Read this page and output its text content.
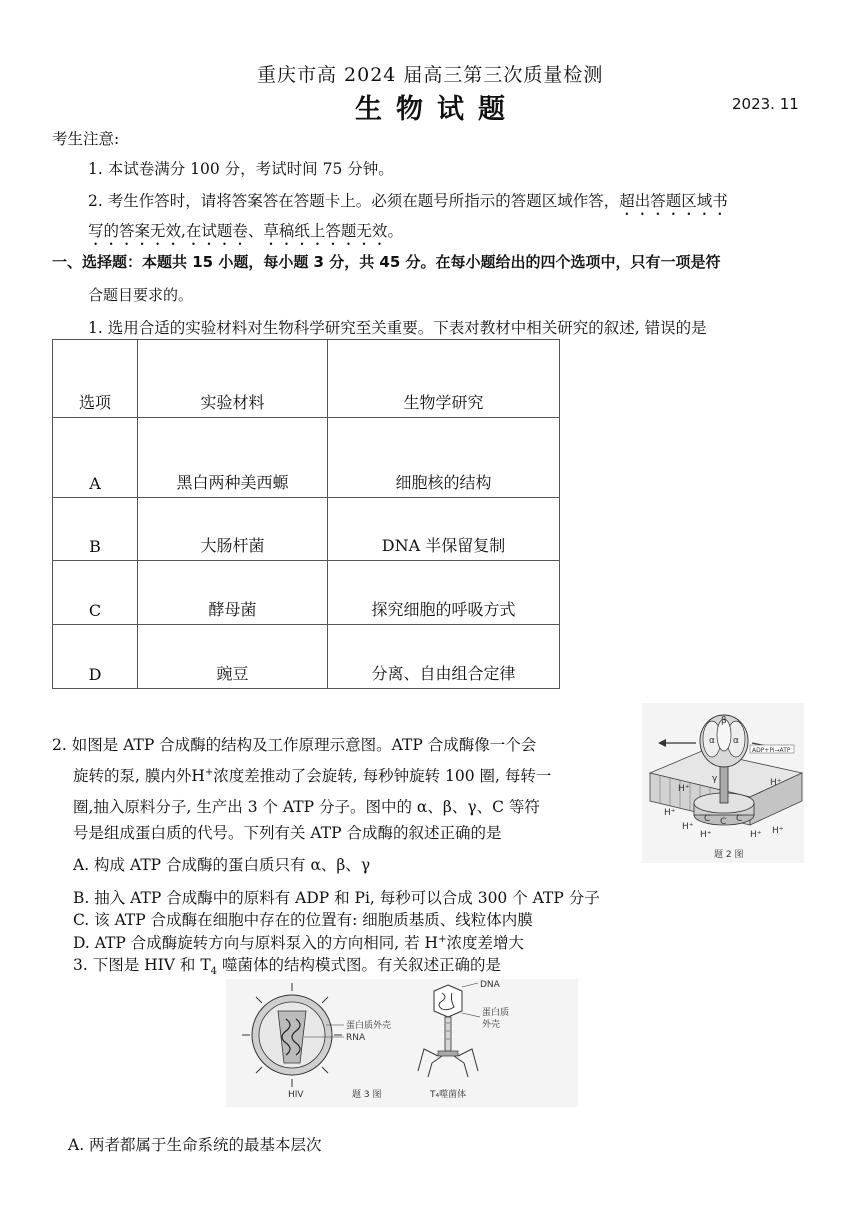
重庆市高 2024 届高三第三次质量检测
生物试题	2023. 11
考生注意:
1. 本试卷满分 100 分，考试时间 75 分钟。
2. 考生作答时，请将答案答在答题卡上。必须在题号所指示的答题区域作答，超出答题区域书
写的答案无效,在试题卷、草稿纸上答题无效。
一、选择题：本题共 15 小题，每小题 3 分，共 45 分。在每小题给出的四个选项中，只有一项是符
合题目要求的。
1. 选用合适的实验材料对生物科学研究至关重要。下表对教材中相关研究的叙述, 错误的是
选项	实验材料	生物学研究
A	黑白两种美西螈	细胞核的结构
B	大肠杆菌	DNA 半保留复制
C	酵母菌	探究细胞的呼吸方式
D	豌豆	分离、自由组合定律
2. 如图是 ATP 合成酶的结构及工作原理示意图。ATP 合成酶像一个会
旋转的泵, 膜内外H+浓度差推动了会旋转, 每秒钟旋转 100 圈, 每转一
圈,抽入原料分子, 生产出 3 个 ATP 分子。图中的 α、β、γ、C 等符
号是组成蛋白质的代号。下列有关 ATP 合成酶的叙述正确的是
A. 构成 ATP 合成酶的蛋白质只有 α、β、γ
B. 抽入 ATP 合成酶中的原料有 ADP 和 Pi, 每秒可以合成 300 个 ATP 分子
C. 该 ATP 合成酶在细胞中存在的位置有: 细胞质基质、线粒体内膜
D. ATP 合成酶旋转方向与原料泵入的方向相同, 若 H+浓度差增大
C C C
γ
α
β
α
ADP+Pi→ATP
H⁺
H⁺
H⁺
H⁺
H⁺	H⁺ H⁺
题 2 图
3. 下图是 HIV 和 $T_4$ 噬菌体的结构模式图。有关叙述正确的是
蛋白质外壳
RNA
HIV	题 3 图
DNA
蛋白质
外壳
T₄噬菌体
A. 两者都属于生命系统的最基本层次
